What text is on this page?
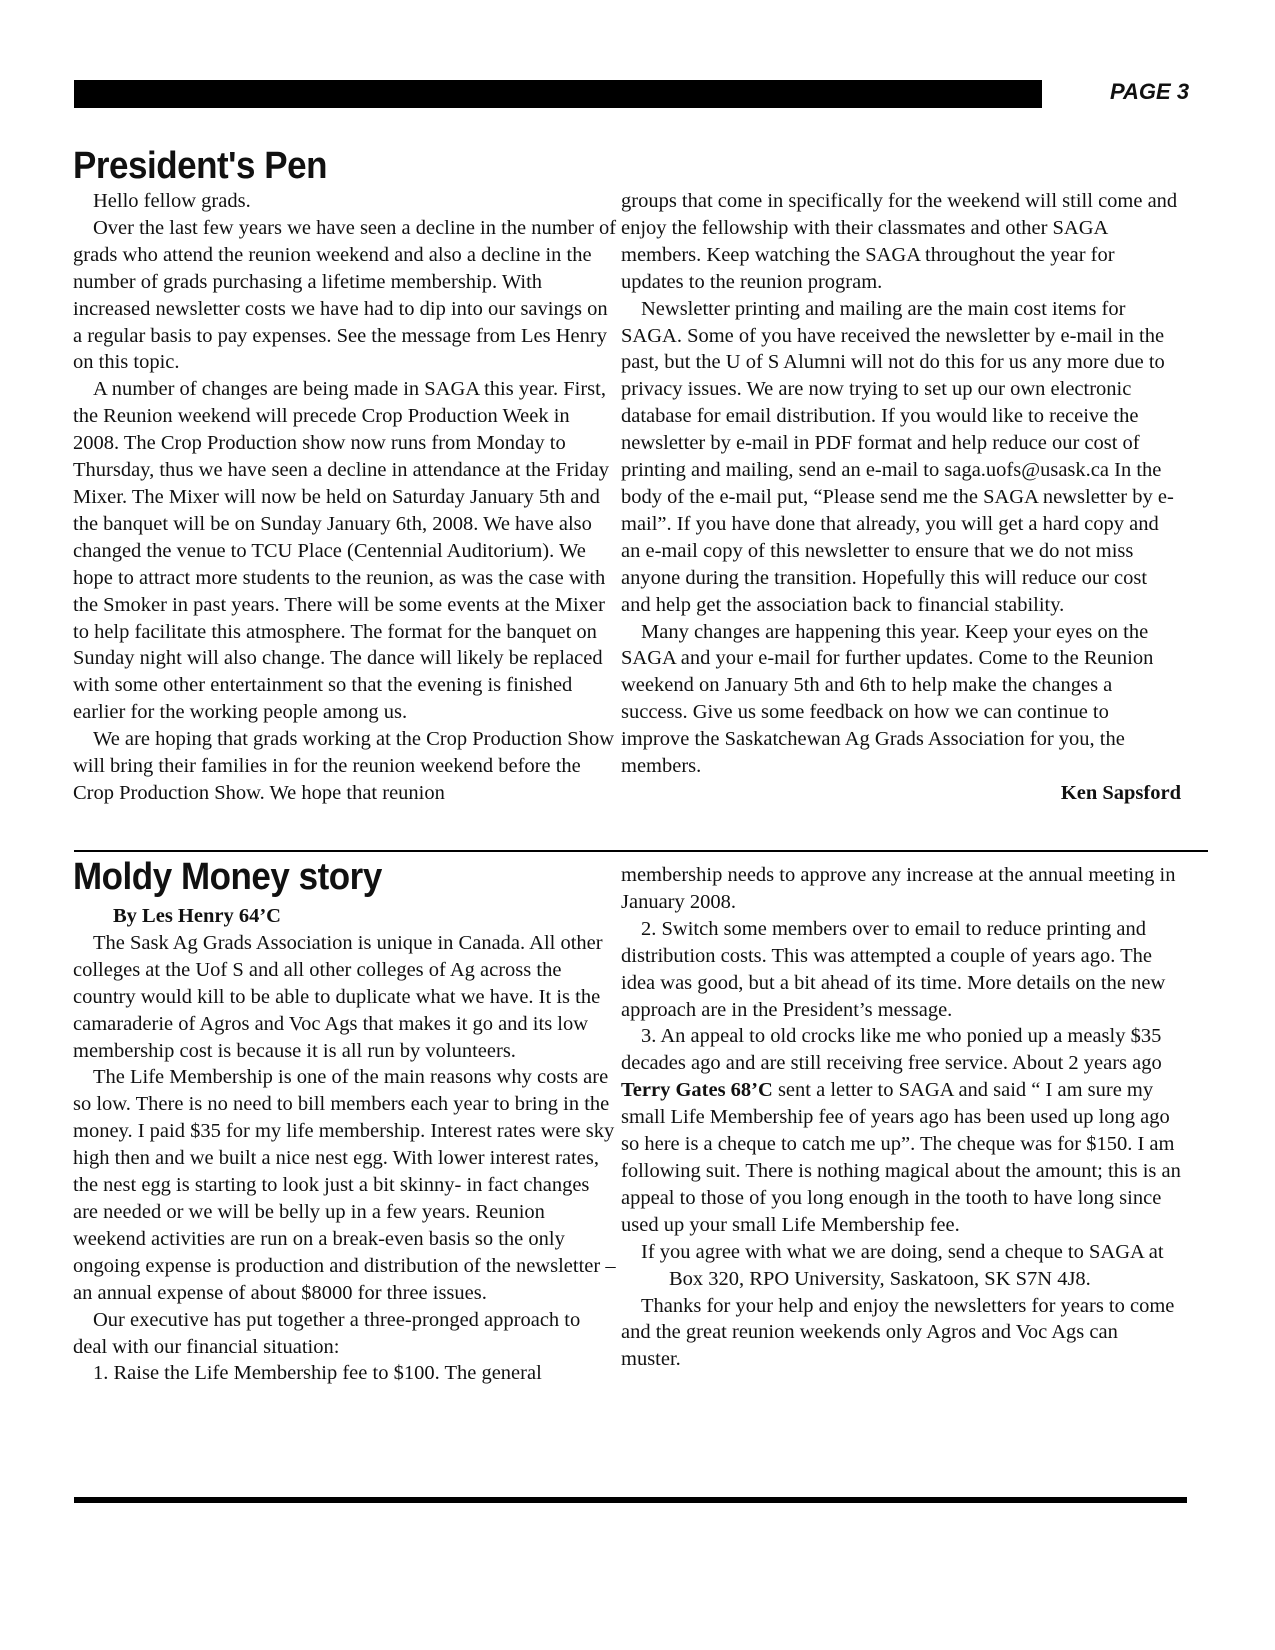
PAGE 3
President's Pen

Hello fellow grads.

Over the last few years we have seen a decline in the number of grads who attend the reunion weekend and also a decline in the number of grads purchasing a lifetime membership. With increased newsletter costs we have had to dip into our savings on a regular basis to pay expenses. See the message from Les Henry on this topic.

A number of changes are being made in SAGA this year. First, the Reunion weekend will precede Crop Production Week in 2008. The Crop Production show now runs from Monday to Thursday, thus we have seen a decline in attendance at the Friday Mixer. The Mixer will now be held on Saturday January 5th and the banquet will be on Sunday January 6th, 2008. We have also changed the venue to TCU Place (Centennial Auditorium). We hope to attract more students to the reunion, as was the case with the Smoker in past years. There will be some events at the Mixer to help facilitate this atmosphere. The format for the banquet on Sunday night will also change. The dance will likely be replaced with some other entertainment so that the evening is finished earlier for the working people among us.

We are hoping that grads working at the Crop Production Show will bring their families in for the reunion weekend before the Crop Production Show. We hope that reunion

groups that come in specifically for the weekend will still come and enjoy the fellowship with their classmates and other SAGA members. Keep watching the SAGA throughout the year for updates to the reunion program.

Newsletter printing and mailing are the main cost items for SAGA. Some of you have received the newsletter by e-mail in the past, but the U of S Alumni will not do this for us any more due to privacy issues. We are now trying to set up our own electronic database for email distribution. If you would like to receive the newsletter by e-mail in PDF format and help reduce our cost of printing and mailing, send an e-mail to saga.uofs@usask.ca In the body of the e-mail put, “Please send me the SAGA newsletter by e-mail”. If you have done that already, you will get a hard copy and an e-mail copy of this newsletter to ensure that we do not miss anyone during the transition. Hopefully this will reduce our cost and help get the association back to financial stability.

Many changes are happening this year. Keep your eyes on the SAGA and your e-mail for further updates. Come to the Reunion weekend on January 5th and 6th to help make the changes a success. Give us some feedback on how we can continue to improve the Saskatchewan Ag Grads Association for you, the members.

Ken Sapsford

Moldy Money story

By Les Henry 64’C

The Sask Ag Grads Association is unique in Canada. All other colleges at the Uof S and all other colleges of Ag across the country would kill to be able to duplicate what we have. It is the camaraderie of Agros and Voc Ags that makes it go and its low membership cost is because it is all run by volunteers.

The Life Membership is one of the main reasons why costs are so low. There is no need to bill members each year to bring in the money. I paid $35 for my life membership. Interest rates were sky high then and we built a nice nest egg. With lower interest rates, the nest egg is starting to look just a bit skinny- in fact changes are needed or we will be belly up in a few years. Reunion weekend activities are run on a break-even basis so the only ongoing expense is production and distribution of the newsletter – an annual expense of about $8000 for three issues.

Our executive has put together a three-pronged approach to deal with our financial situation:

1. Raise the Life Membership fee to $100. The general

membership needs to approve any increase at the annual meeting in January 2008.

2. Switch some members over to email to reduce printing and distribution costs. This was attempted a couple of years ago. The idea was good, but a bit ahead of its time. More details on the new approach are in the President’s message.

3. An appeal to old crocks like me who ponied up a measly $35 decades ago and are still receiving free service. About 2 years ago Terry Gates 68’C sent a letter to SAGA and said “ I am sure my small Life Membership fee of years ago has been used up long ago so here is a cheque to catch me up”. The cheque was for $150. I am following suit. There is nothing magical about the amount; this is an appeal to those of you long enough in the tooth to have long since used up your small Life Membership fee.

If you agree with what we are doing, send a cheque to SAGA at

Box 320, RPO University, Saskatoon, SK S7N 4J8.

Thanks for your help and enjoy the newsletters for years to come and the great reunion weekends only Agros and Voc Ags can muster.
